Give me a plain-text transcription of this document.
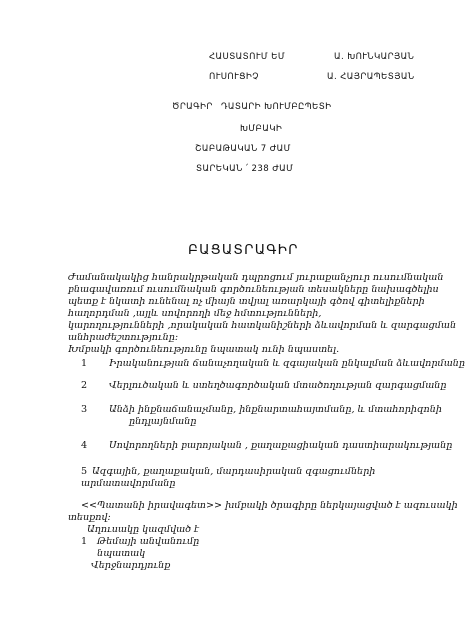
ՀԱՍՏԱՏՈՒՄ ԵՄ	Ա. ԽՈՒՆԿԱՐՅԱՆ
ՈՒՍՈՒՑԻՉ	Ա. ՀԱՅՐԱՊԵՏՅԱՆ
ԾՐԱԳԻՐ ԴԱՏԱՐԻ ԽՈՒՄԲԸՊԵՏԻ
ԽՄԲԱԿԻ
ՇԱԲԱԹԱԿԱՆ 7 ԺԱՄ
ՏԱՐԵԿԱՆ ՛ 238 ԺԱՄ
ԲԱՑԱՏՐԱԳԻՐ
Ժամանակակից հանրակրթական դպրոցում յուրաքանչյուր ուսումնական
բնագավառում ուսումնական գործունեության տեսակները նախագծելիս
պետք է նկատի ունենալ ոչ միայն տվյալ առարկայի գծով գիտելիքների
հաղորդման ,այլև սովորողի մեջ հմտությունների,
կարողությունների ,որակական հատկանիշների ձևավորման և զարգացման
անհրաժեշտությունը:
Խմբակի գործունեությունը նպատակ ունի նպաստել.
1 Իրականության ճանաչողական և զգայական ընկալման ձևավորմանը
2 Վերլուծական և ստեղծագործական մտածողության զարգացմանը
3 Անձի ինքնաճանաչմանը, ինքնարտահայտմանը, և մտահորիզոնի
ընդլայնմանը
4 Սովորողների բարոյական , քաղաքացիական դաստիարակությանը
5 Ազգային, քաղաքական, մարդասիրական զգացումների
արմատավորմանը
<<Պատանի իրավագետ>> խմբակի ծրագիրը ներկայացված է ազուսակի
տեսքով:
Աղուսակը կազմված է
1 Թեմայի անվանումը
նպատակ
Վերջնարդյունք
